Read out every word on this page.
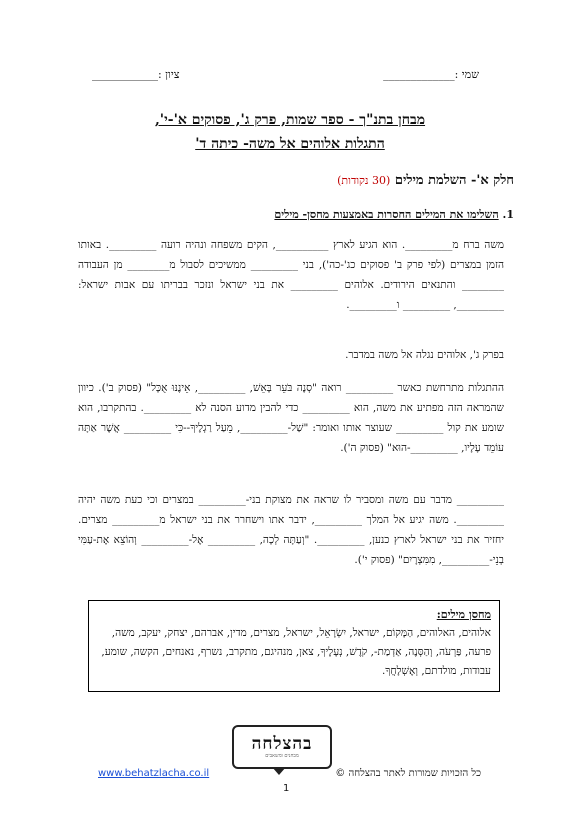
שמי :_____________
ציון :____________
מבחן בתנ"ך - ספר שמות, פרק ג', פסוקים א'-י',
התגלות אלוהים אל משה- כיתה ד'
חלק א'- השלמת מילים (30 נקודות)
1. השלימו את המילים החסרות באמצעות מחסן- מילים
משה ברח מ_________. הוא הגיע לארץ __________, הקים משפחה ונהיה רועה _________. באותו הזמן במצרים (לפי פרק ב' פסוקים כג'-כה'), בני _________ ממשיכים לסבול מ________ מן העבודה ________ והתנאים הירודים. אלוהים _________ את בני ישראל ונזכר בבריתו עם אבות ישראל: _________, _________ ו_________.
בפרק ג', אלוהים נגלה אל משה במדבר.
ההתגלות מתרחשת כאשר _________ רואה "סְנֶה בֹּעֵר בָּאֵשׁ, _________, אֵינֶנּוּ אֻכָּל" (פסוק ב'). כיוון שהמראה הזה מפתיע את משה, הוא _________ כדי להבין מדוע הסנה לא _________. בהתקרבו, הוא שומע את קול _________ שעוצר אותו ואומר: "שַׁל-_________, מֵעַל רַגְלֶיךָ--כִּי _________ אֲשֶׁר אַתָּה עוֹמֵד עָלָיו, _________-הוּא" (פסוק ה').
_________ מדבר עם משה ומסביר לו שראה את מצוקת בני-_________ במצרים וכי כעת משה יהיה _________. משה יגיע אל המלך _________, ידבר אתו וישחרר את בני ישראל מ_________ מצרים. יחזיר את בני ישראל לארץ כנען, _________. "וְעַתָּה לְכָה, _________ אֶל-_________ וְהוֹצֵא אֶת-עַמִּי בְנֵי-_________, מִמִּצְרָיִם" (פסוק י').
מחסן מילים:
אלוהים, האלוהים, הַמָּקוֹם, ישראל, יִשְׂרָאֵל, ישראל, מצרים, מדין, אברהם, יצחק, יעקב, משה, פרעה, פַּרְעֹה, וְהַסְּנֶה, אַדְמַת-, קֹדֶשׁ, נְעָלֶיךָ, צאן, מנהיגם, מתקרב, נשרף, נאנחים, הקשה, שומע, עבודות, מולדתם, וְאֶשְׁלָחֲךָ.
בהצלחה
מבחנים ומשאבים
www.behatzlacha.co.il	כל הזכויות שמורות לאתר בהצלחה ©
1
